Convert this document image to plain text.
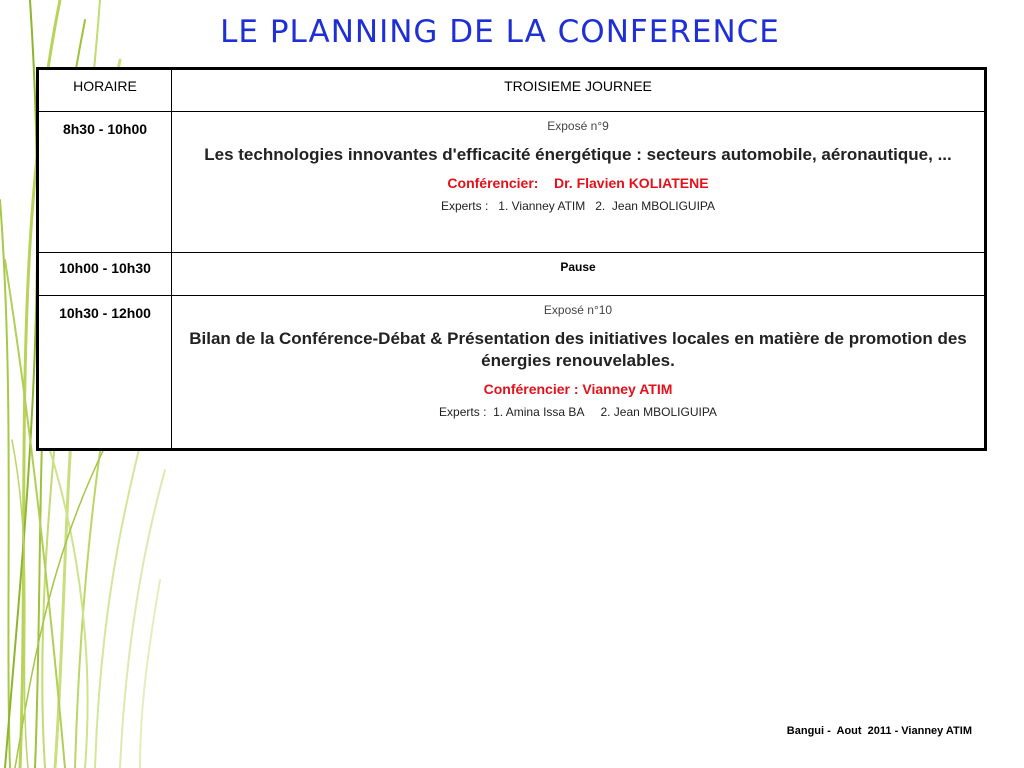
LE PLANNING DE LA CONFERENCE
HORAIRE	TROISIEME JOURNEE

8h30 - 10h00	Exposé n°9
Les technologies innovantes d'efficacité énergétique : secteurs automobile, aéronautique, ...
Conférencier:    Dr. Flavien KOLIATENE
Experts :   1. Vianney ATIM   2.  Jean MBOLIGUIPA

10h00 - 10h30	Pause

10h30 - 12h00	Exposé n°10
Bilan de la Conférence-Débat & Présentation des initiatives locales en matière de promotion des énergies renouvelables.
Conférencier : Vianney ATIM
Experts :  1. Amina Issa BA     2. Jean MBOLIGUIPA
Bangui -  Aout  2011 - Vianney ATIM
